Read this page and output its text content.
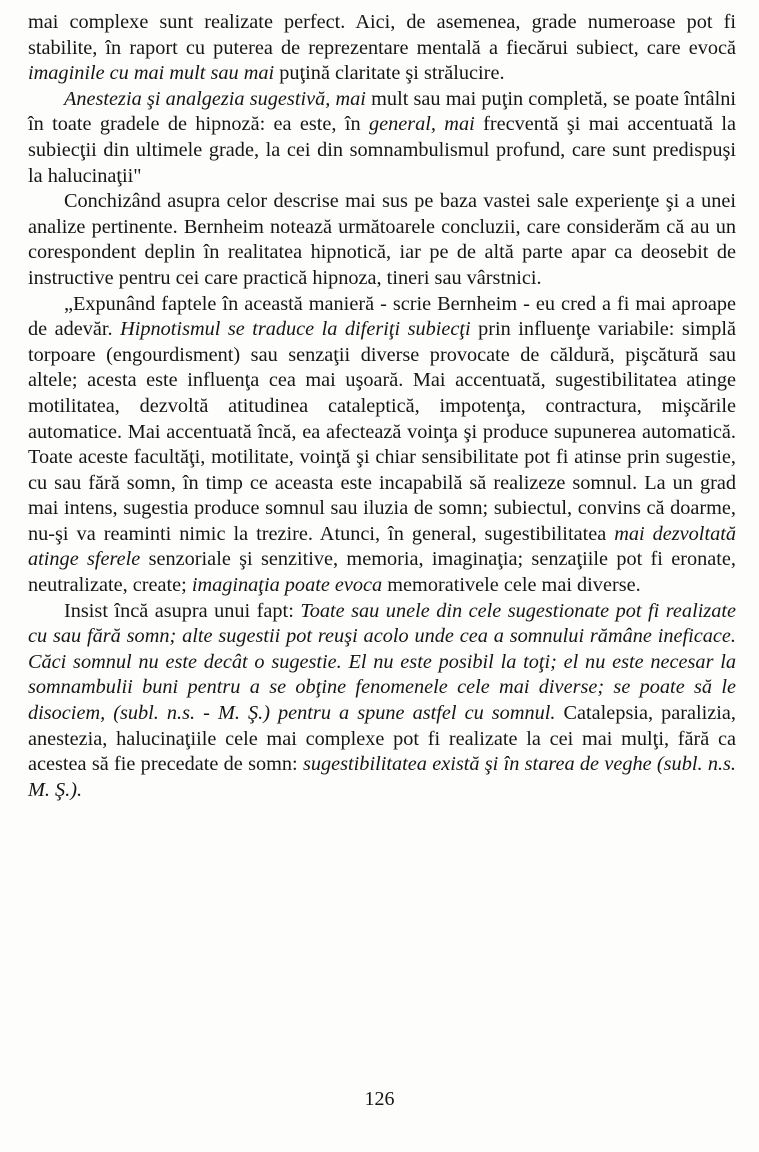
mai complexe sunt realizate perfect. Aici, de asemenea, grade numeroase pot fi stabilite, în raport cu puterea de reprezentare mentală a fiecărui subiect, care evocă imaginile cu mai mult sau mai puţină claritate şi strălucire.

Anestezia şi analgezia sugestivă, mai mult sau mai puţin completă, se poate întâlni în toate gradele de hipnoză: ea este, în general, mai frecventă şi mai accentuată la subiecţii din ultimele grade, la cei din somnambulismul profund, care sunt predispuşi la halucinaţii"

Conchizând asupra celor descrise mai sus pe baza vastei sale experienţe şi a unei analize pertinente. Bernheim notează următoarele concluzii, care considerăm că au un corespondent deplin în realitatea hipnotică, iar pe de altă parte apar ca deosebit de instructive pentru cei care practică hipnoza, tineri sau vârstnici.

„Expunând faptele în această manieră - scrie Bernheim - eu cred a fi mai aproape de adevăr. Hipnotismul se traduce la diferiţi subiecţi prin influenţe variabile: simplă torpoare (engourdisment) sau senzaţii diverse provocate de căldură, pişcătură sau altele; acesta este influenţa cea mai uşoară. Mai accentuată, sugestibilitatea atinge motilitatea, dezvoltă atitudinea cataleptică, impotenţa, contractura, mişcările automatice. Mai accentuată încă, ea afectează voinţa şi produce supunerea automatică. Toate aceste facultăţi, motilitate, voinţă şi chiar sensibilitate pot fi atinse prin sugestie, cu sau fără somn, în timp ce aceasta este incapabilă să realizeze somnul. La un grad mai intens, sugestia produce somnul sau iluzia de somn; subiectul, convins că doarme, nu-şi va reaminti nimic la trezire. Atunci, în general, sugestibilitatea mai dezvoltată atinge sferele senzoriale şi senzitive, memoria, imaginaţia; senzaţiile pot fi eronate, neutralizate, create; imaginaţia poate evoca memorativele cele mai diverse.

Insist încă asupra unui fapt: Toate sau unele din cele sugestionate pot fi realizate cu sau fără somn; alte sugestii pot reuşi acolo unde cea a somnului rămâne ineficace. Căci somnul nu este decât o sugestie. El nu este posibil la toţi; el nu este necesar la somnambulii buni pentru a se obţine fenomenele cele mai diverse; se poate să le disociem, (subl. n.s. - M. Ş.) pentru a spune astfel cu somnul. Catalepsia, paralizia, anestezia, halucinaţiile cele mai complexe pot fi realizate la cei mai mulţi, fără ca acestea să fie precedate de somn: sugestibilitatea există şi în starea de veghe (subl. n.s. M. Ş.).

126
